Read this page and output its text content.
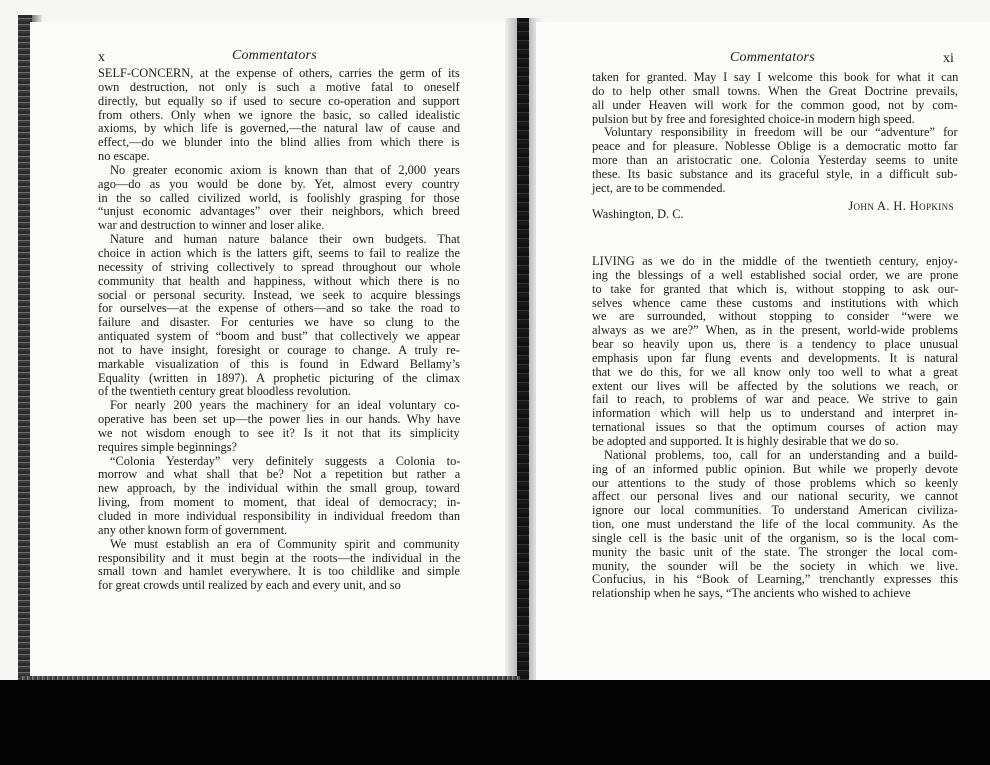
x	Commentators
SELF-CONCERN, at the expense of others, carries the germ of its
own destruction, not only is such a motive fatal to oneself
directly, but equally so if used to secure co-operation and support
from others. Only when we ignore the basic, so called idealistic
axioms, by which life is governed,—the natural law of cause and
effect,—do we blunder into the blind allies from which there is
no escape.
No greater economic axiom is known than that of 2,000 years
ago—do as you would be done by. Yet, almost every country
in the so called civilized world, is foolishly grasping for those
“unjust economic advantages” over their neighbors, which breed
war and destruction to winner and loser alike.
Nature and human nature balance their own budgets. That
choice in action which is the latters gift, seems to fail to realize the
necessity of striving collectively to spread throughout our whole
community that health and happiness, without which there is no
social or personal security. Instead, we seek to acquire blessings
for ourselves—at the expense of others—and so take the road to
failure and disaster. For centuries we have so clung to the
antiquated system of “boom and bust” that collectively we appear
not to have insight, foresight or courage to change. A truly re-
markable visualization of this is found in Edward Bellamy’s
Equality (written in 1897). A prophetic picturing of the climax
of the twentieth century great bloodless revolution.
For nearly 200 years the machinery for an ideal voluntary co-
operative has been set up—the power lies in our hands. Why have
we not wisdom enough to see it? Is it not that its simplicity
requires simple beginnings?
“Colonia Yesterday” very definitely suggests a Colonia to-
morrow and what shall that be? Not a repetition but rather a
new approach, by the individual within the small group, toward
living, from moment to moment, that ideal of democracy; in-
cluded in more individual responsibility in individual freedom than
any other known form of government.
We must establish an era of Community spirit and community
responsibility and it must begin at the roots—the individual in the
small town and hamlet everywhere. It is too childlike and simple
for great crowds until realized by each and every unit, and so
Commentators	xi
taken for granted. May I say I welcome this book for what it can
do to help other small towns. When the Great Doctrine prevails,
all under Heaven will work for the common good, not by com-
pulsion but by free and foresighted choice-in modern high speed.
Voluntary responsibility in freedom will be our “adventure” for
peace and for pleasure. Noblesse Oblige is a democratic motto far
more than an aristocratic one. Colonia Yesterday seems to unite
these. Its basic substance and its graceful style, in a difficult sub-
ject, are to be commended.
John A. H. Hopkins
Washington, D. C.
LIVING as we do in the middle of the twentieth century, enjoy-
ing the blessings of a well established social order, we are prone
to take for granted that which is, without stopping to ask our-
selves whence came these customs and institutions with which
we are surrounded, without stopping to consider “were we
always as we are?” When, as in the present, world-wide problems
bear so heavily upon us, there is a tendency to place unusual
emphasis upon far flung events and developments. It is natural
that we do this, for we all know only too well to what a great
extent our lives will be affected by the solutions we reach, or
fail to reach, to problems of war and peace. We strive to gain
information which will help us to understand and interpret in-
ternational issues so that the optimum courses of action may
be adopted and supported. It is highly desirable that we do so.
National problems, too, call for an understanding and a build-
ing of an informed public opinion. But while we properly devote
our attentions to the study of those problems which so keenly
affect our personal lives and our national security, we cannot
ignore our local communities. To understand American civiliza-
tion, one must understand the life of the local community. As the
single cell is the basic unit of the organism, so is the local com-
munity the basic unit of the state. The stronger the local com-
munity, the sounder will be the society in which we live.
Confucius, in his “Book of Learning,” trenchantly expresses this
relationship when he says, “The ancients who wished to achieve
